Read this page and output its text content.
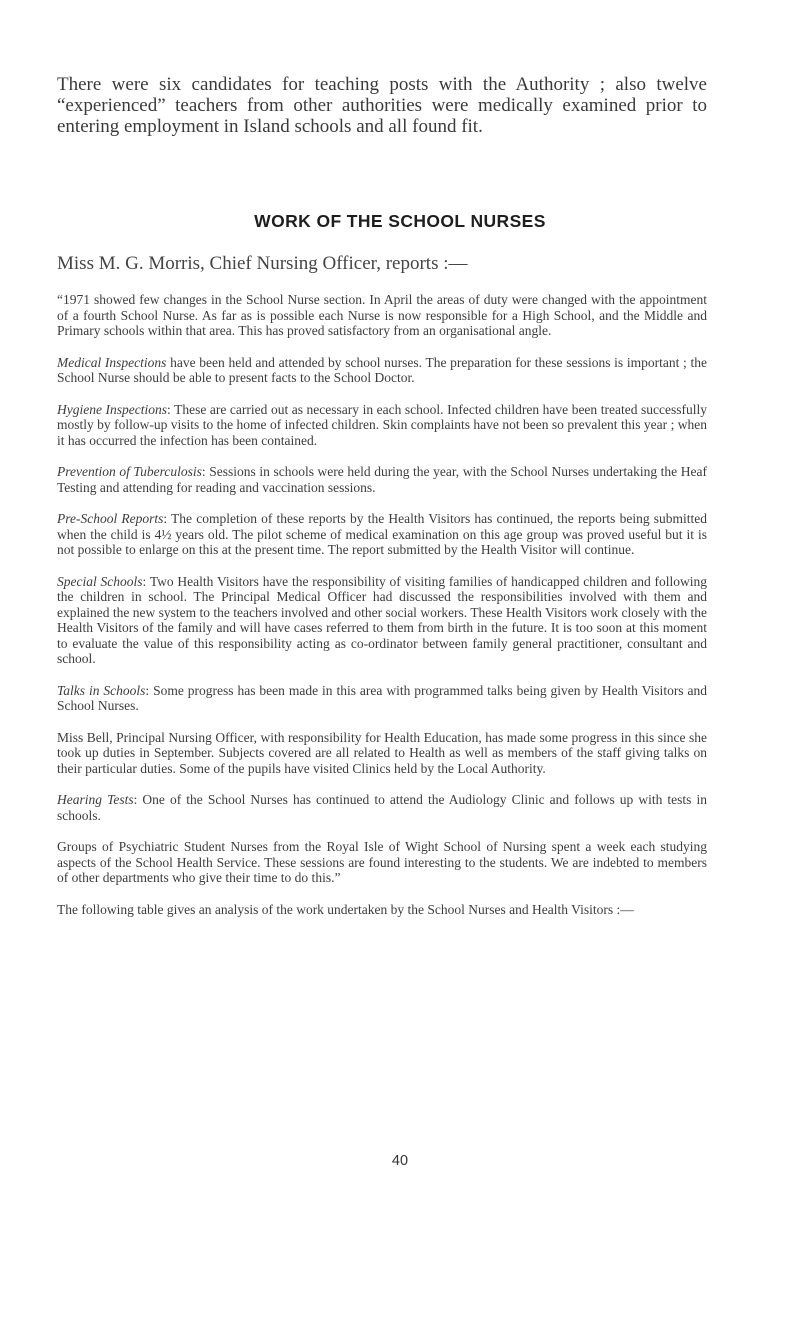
There were six candidates for teaching posts with the Authority ; also twelve “experienced” teachers from other authorities were medically examined prior to entering employment in Island schools and all found fit.

WORK OF THE SCHOOL NURSES

Miss M. G. Morris, Chief Nursing Officer, reports :—

“1971 showed few changes in the School Nurse section. In April the areas of duty were changed with the appointment of a fourth School Nurse. As far as is possible each Nurse is now responsible for a High School, and the Middle and Primary schools within that area. This has proved satisfactory from an organisational angle.

Medical Inspections have been held and attended by school nurses. The preparation for these sessions is important ; the School Nurse should be able to present facts to the School Doctor.

Hygiene Inspections: These are carried out as necessary in each school. Infected children have been treated successfully mostly by follow-up visits to the home of infected children. Skin complaints have not been so prevalent this year ; when it has occurred the infection has been contained.

Prevention of Tuberculosis: Sessions in schools were held during the year, with the School Nurses undertaking the Heaf Testing and attending for reading and vaccination sessions.

Pre-School Reports: The completion of these reports by the Health Visitors has continued, the reports being submitted when the child is 4½ years old. The pilot scheme of medical examination on this age group was proved useful but it is not possible to enlarge on this at the present time. The report submitted by the Health Visitor will continue.

Special Schools: Two Health Visitors have the responsibility of visiting families of handicapped children and following the children in school. The Principal Medical Officer had discussed the responsibilities involved with them and explained the new system to the teachers involved and other social workers. These Health Visitors work closely with the Health Visitors of the family and will have cases referred to them from birth in the future. It is too soon at this moment to evaluate the value of this responsibility acting as co-ordinator between family general practitioner, consultant and school.

Talks in Schools: Some progress has been made in this area with programmed talks being given by Health Visitors and School Nurses.

Miss Bell, Principal Nursing Officer, with responsibility for Health Education, has made some progress in this since she took up duties in September. Subjects covered are all related to Health as well as members of the staff giving talks on their particular duties. Some of the pupils have visited Clinics held by the Local Authority.

Hearing Tests: One of the School Nurses has continued to attend the Audiology Clinic and follows up with tests in schools.

Groups of Psychiatric Student Nurses from the Royal Isle of Wight School of Nursing spent a week each studying aspects of the School Health Service. These sessions are found interesting to the students. We are indebted to members of other departments who give their time to do this.”

The following table gives an analysis of the work undertaken by the School Nurses and Health Visitors :—

40
